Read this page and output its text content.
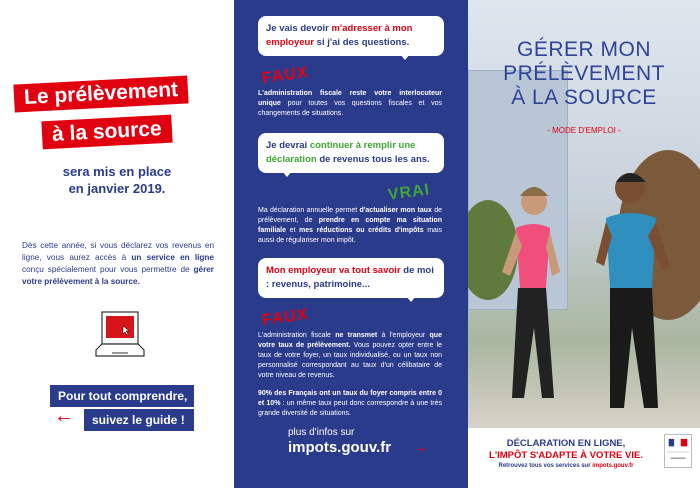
Le prélèvement
à la source
sera mis en place
en janvier 2019.

Dès cette année, si vous déclarez vos revenus en ligne, vous aurez accès à un service en ligne conçu spécialement pour vous permettre de gérer votre prélèvement à la source.

Pour tout comprendre,
suivez le guide !
←
Je vais devoir m'adresser à mon employeur si j'ai des questions.
FAUX

L'administration fiscale reste votre interlocuteur unique pour toutes vos questions fiscales et vos changements de situations.

Je devrai continuer à remplir une déclaration de revenus tous les ans.
VRAI

Ma déclaration annuelle permet d'actualiser mon taux de prélèvement, de prendre en compte ma situation familiale et mes réductions ou crédits d'impôts mais aussi de régulariser mon impôt.

Mon employeur va tout savoir de moi : revenus, patrimoine...
FAUX

L'administration fiscale ne transmet à l'employeur que votre taux de prélèvement. Vous pouvez opter entre le taux de votre foyer, un taux individualisé, ou un taux non personnalisé correspondant au taux d'un célibataire de votre niveau de revenus.

90% des Français ont un taux du foyer compris entre 0 et 10% : un même taux peut donc correspondre à une très grande diversité de situations.

plus d'infos sur
impots.gouv.fr →
GÉRER MON
PRÉLÈVEMENT
À LA SOURCE
- MODE D'EMPLOI -
DÉCLARATION EN LIGNE,
L'IMPÔT S'ADAPTE À VOTRE VIE.
Retrouvez tous vos services sur impots.gouv.fr
